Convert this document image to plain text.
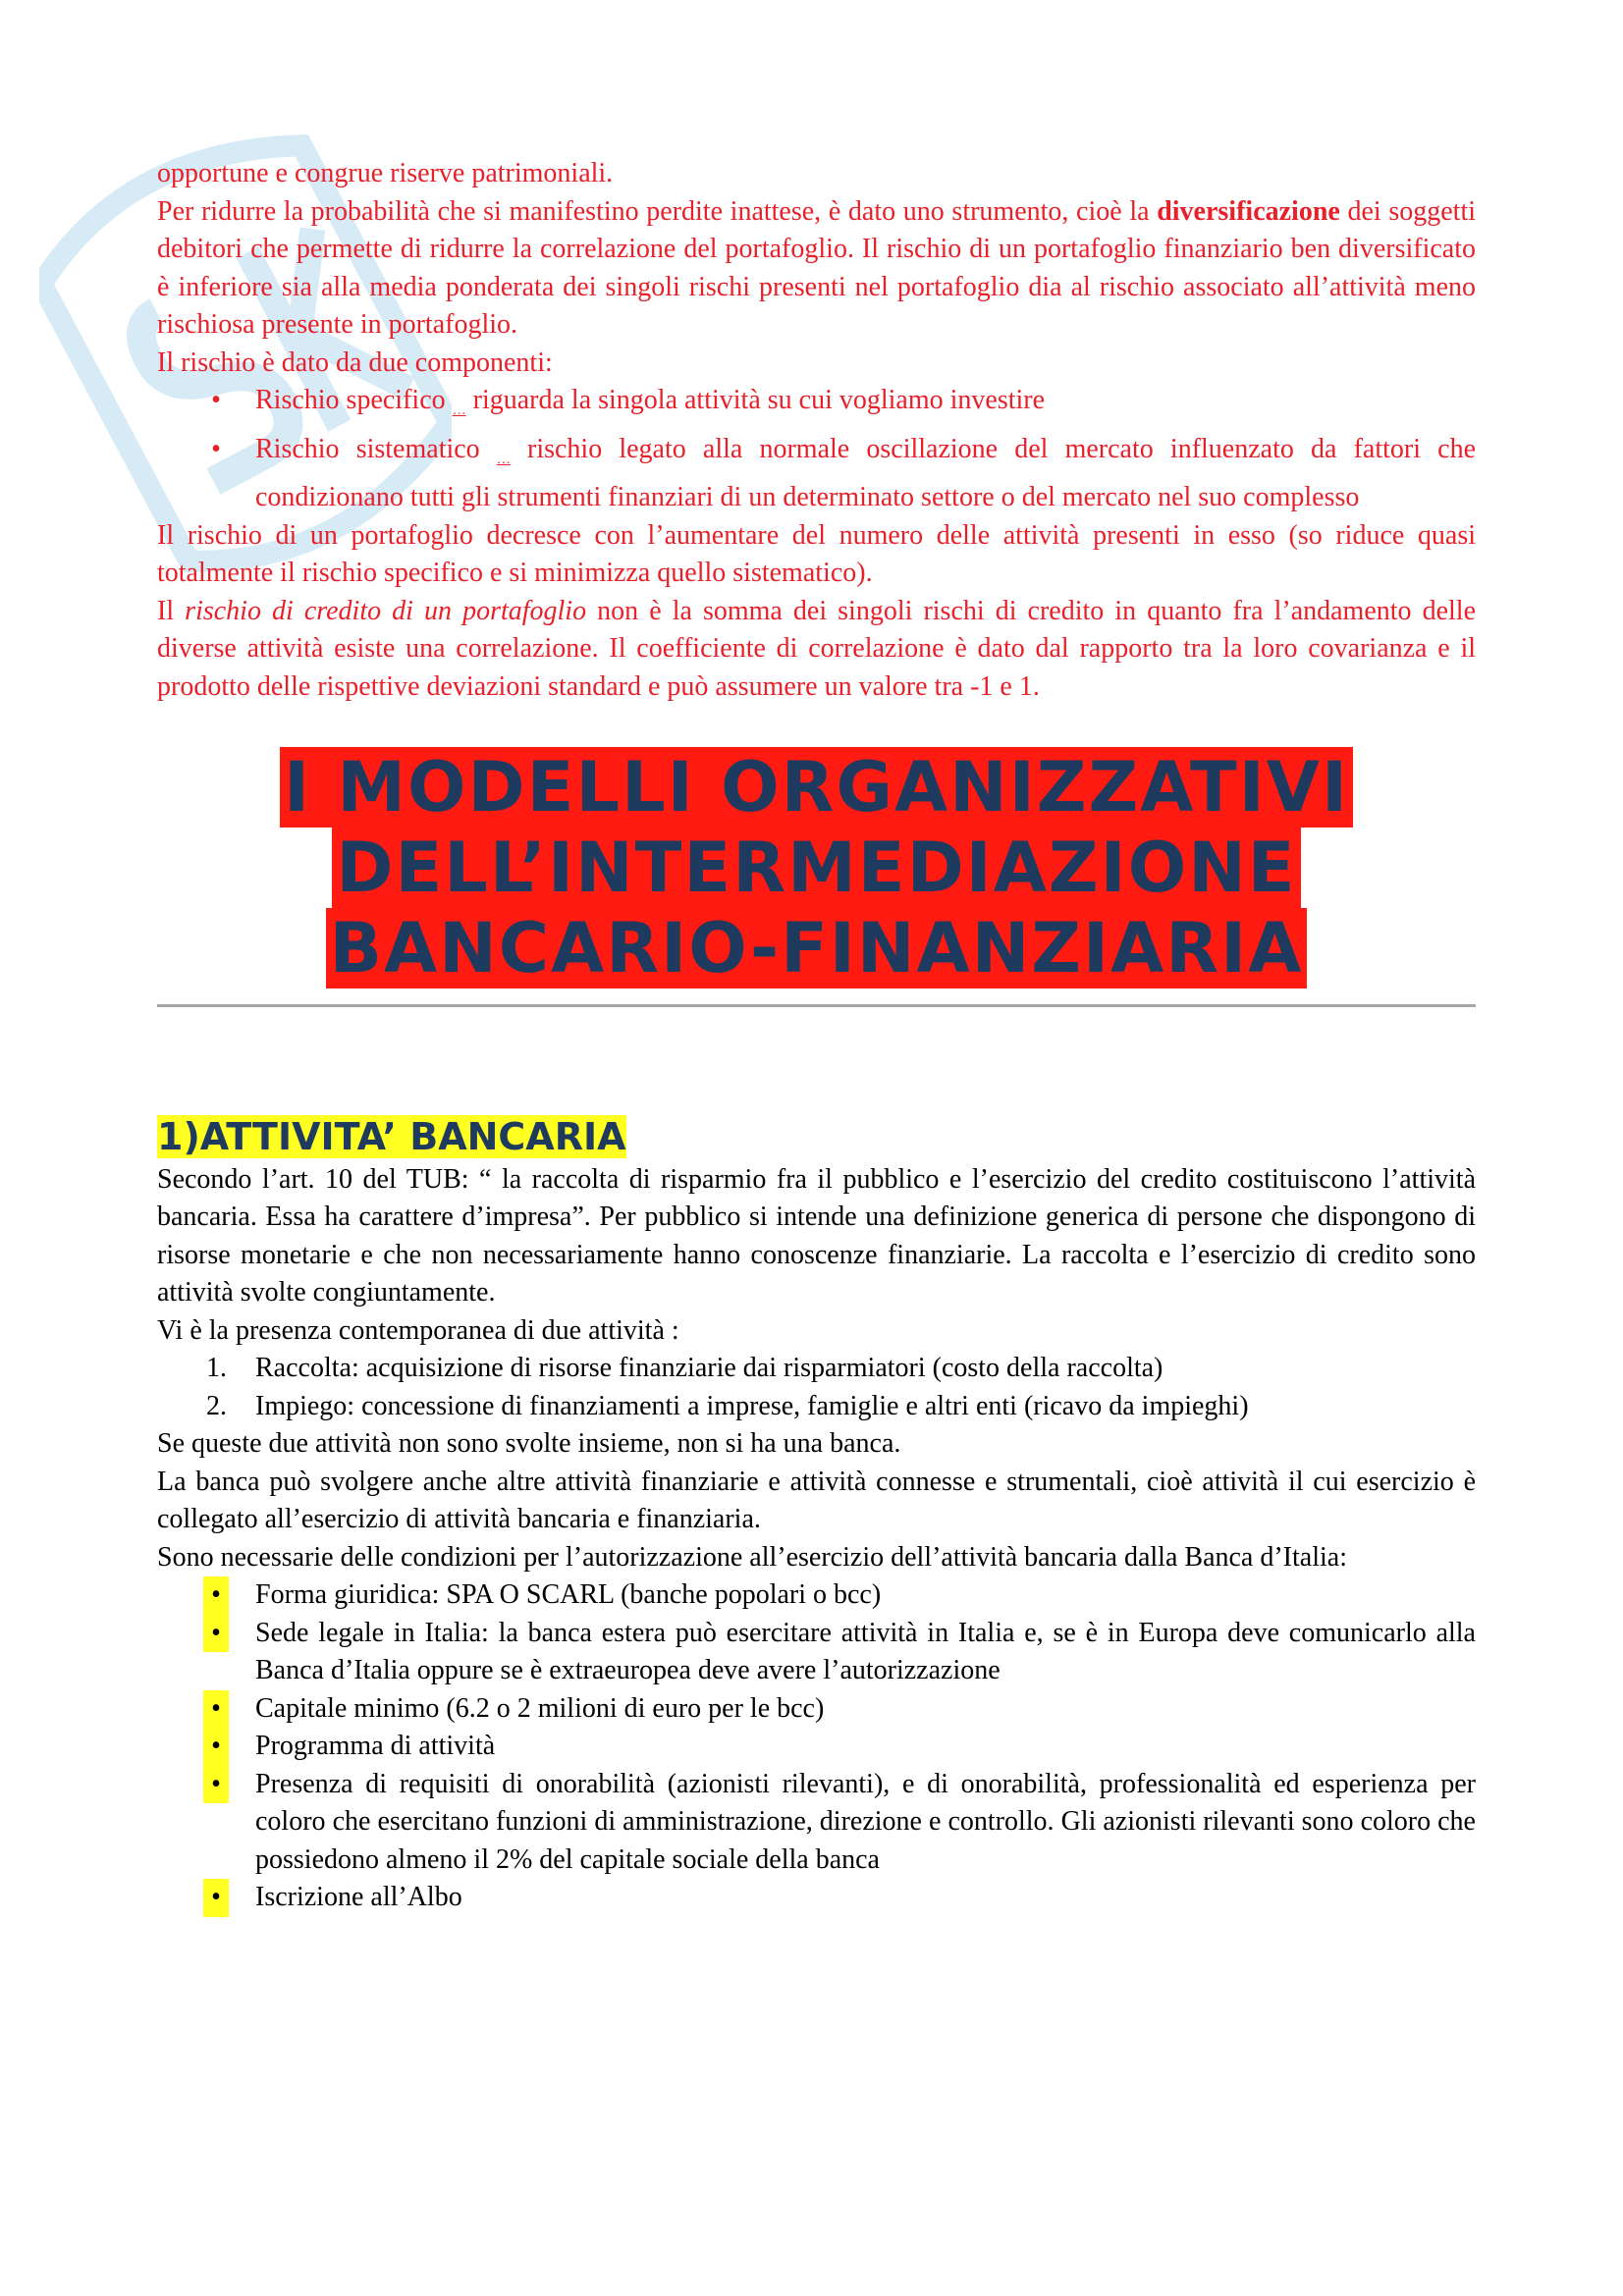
opportune e congrue riserve patrimoniali.

Per ridurre la probabilità che si manifestino perdite inattese, è dato uno strumento, cioè la diversificazione dei soggetti debitori che permette di ridurre la correlazione del portafoglio. Il rischio di un portafoglio finanziario ben diversificato è inferiore sia alla media ponderata dei singoli rischi presenti nel portafoglio dia al rischio associato all’attività meno rischiosa presente in portafoglio.

Il rischio è dato da due componenti:

• Rischio specifico $_\dots$ riguarda la singola attività su cui vogliamo investire
• Rischio sistematico $_\dots$ rischio legato alla normale oscillazione del mercato influenzato da fattori che condizionano tutti gli strumenti finanziari di un determinato settore o del mercato nel suo complesso

Il rischio di un portafoglio decresce con l’aumentare del numero delle attività presenti in esso (so riduce quasi totalmente il rischio specifico e si minimizza quello sistematico).

Il rischio di credito di un portafoglio non è la somma dei singoli rischi di credito in quanto fra l’andamento delle diverse attività esiste una correlazione. Il coefficiente di correlazione è dato dal rapporto tra la loro covarianza e il prodotto delle rispettive deviazioni standard e può assumere un valore tra -1 e 1.

I MODELLI ORGANIZZATIVI
DELL’INTERMEDIAZIONE
BANCARIO-FINANZIARIA
1)ATTIVITA’ BANCARIA

Secondo l’art. 10 del TUB: “ la raccolta di risparmio fra il pubblico e l’esercizio del credito costituiscono l’attività bancaria. Essa ha carattere d’impresa”. Per pubblico si intende una definizione generica di persone che dispongono di risorse monetarie e che non necessariamente hanno conoscenze finanziarie. La raccolta e l’esercizio di credito sono attività svolte congiuntamente.

Vi è la presenza contemporanea di due attività :

1. Raccolta: acquisizione di risorse finanziarie dai risparmiatori (costo della raccolta)
2. Impiego: concessione di finanziamenti a imprese, famiglie e altri enti (ricavo da impieghi)

Se queste due attività non sono svolte insieme, non si ha una banca.

La banca può svolgere anche altre attività finanziarie e attività connesse e strumentali, cioè attività il cui esercizio è collegato all’esercizio di attività bancaria e finanziaria.

Sono necessarie delle condizioni per l’autorizzazione all’esercizio dell’attività bancaria dalla Banca d’Italia:

• Forma giuridica: SPA O SCARL (banche popolari o bcc)
• Sede legale in Italia: la banca estera può esercitare attività in Italia e, se è in Europa deve comunicarlo alla Banca d’Italia oppure se è extraeuropea deve avere l’autorizzazione
• Capitale minimo (6.2 o 2 milioni di euro per le bcc)
• Programma di attività
• Presenza di requisiti di onorabilità (azionisti rilevanti), e di onorabilità, professionalità ed esperienza per coloro che esercitano funzioni di amministrazione, direzione e controllo. Gli azionisti rilevanti sono coloro che possiedono almeno il 2% del capitale sociale della banca
• Iscrizione all’Albo
